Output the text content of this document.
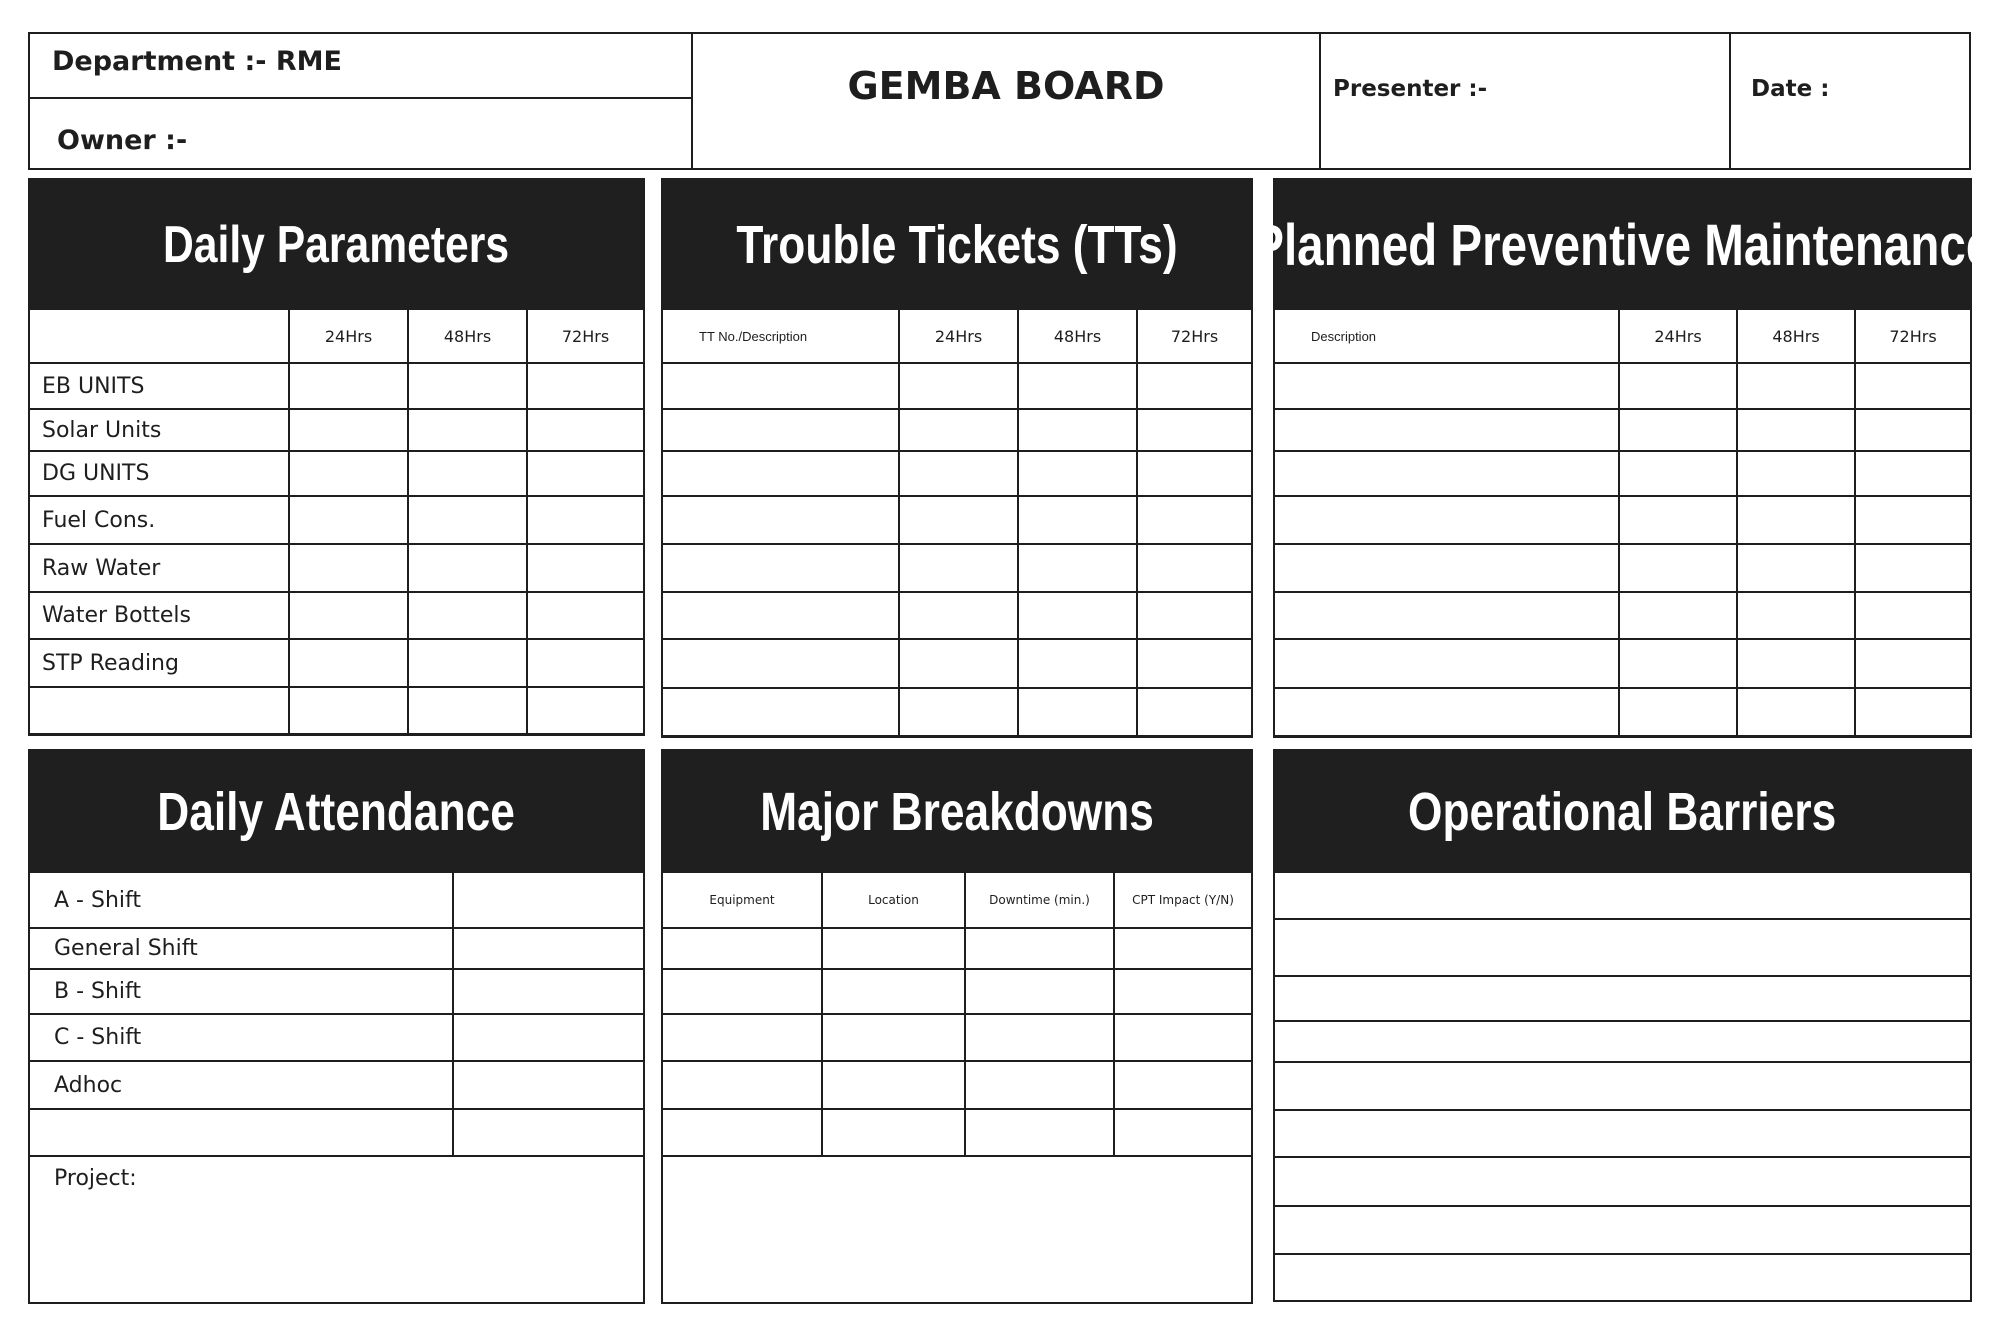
Department :- RME
Owner :-
GEMBA BOARD	Presenter :-	Date :
Daily Parameters
	24Hrs	48Hrs	72Hrs
EB UNITS			
Solar Units			
DG UNITS			
Fuel Cons.			
Raw Water			
Water Bottels			
STP Reading			

Trouble Tickets (TTs)
TT No./Description	24Hrs	48Hrs	72Hrs

Planned Preventive Maintenance
Description	24Hrs	48Hrs	72Hrs

Daily Attendance
A - Shift	
General Shift	
B - Shift	
C - Shift	
Adhoc	

Project:
Major Breakdowns
Equipment	Location	Downtime (min.)	CPT Impact (Y/N)

Operational Barriers
